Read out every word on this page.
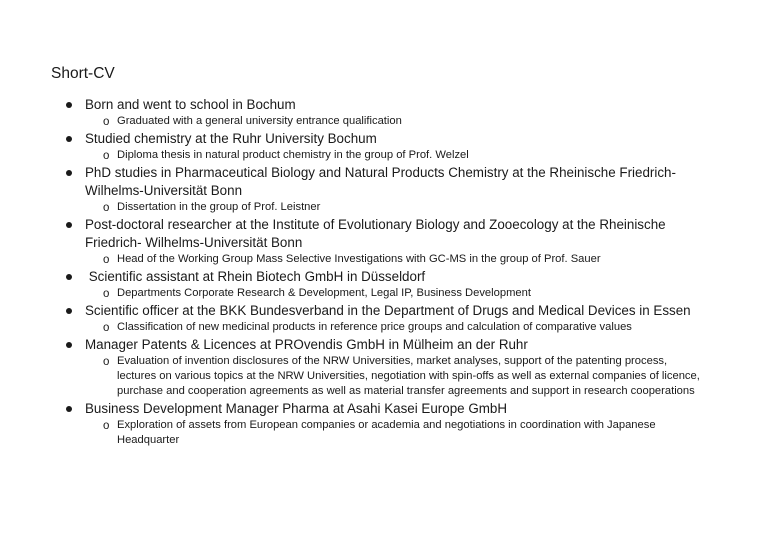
Short-CV
Born and went to school in Bochum
o Graduated with a general university entrance qualification
Studied chemistry at the Ruhr University Bochum
o Diploma thesis in natural product chemistry in the group of Prof. Welzel
PhD studies in Pharmaceutical Biology and Natural Products Chemistry at the Rheinische Friedrich-Wilhelms-Universität Bonn
o Dissertation in the group of Prof. Leistner
Post-doctoral researcher at the Institute of Evolutionary Biology and Zooecology at the Rheinische Friedrich- Wilhelms-Universität Bonn
o Head of the Working Group Mass Selective Investigations with GC-MS in the group of Prof. Sauer
Scientific assistant at Rhein Biotech GmbH in Düsseldorf
o Departments Corporate Research & Development, Legal IP, Business Development
Scientific officer at the BKK Bundesverband in the Department of Drugs and Medical Devices in Essen
o Classification of new medicinal products in reference price groups and calculation of comparative values
Manager Patents & Licences at PROvendis GmbH in Mülheim an der Ruhr
o Evaluation of invention disclosures of the NRW Universities, market analyses, support of the patenting process, lectures on various topics at the NRW Universities, negotiation with spin-offs as well as external companies of licence, purchase and cooperation agreements as well as material transfer agreements and support in research cooperations
Business Development Manager Pharma at Asahi Kasei Europe GmbH
o Exploration of assets from European companies or academia and negotiations in coordination with Japanese Headquarter
